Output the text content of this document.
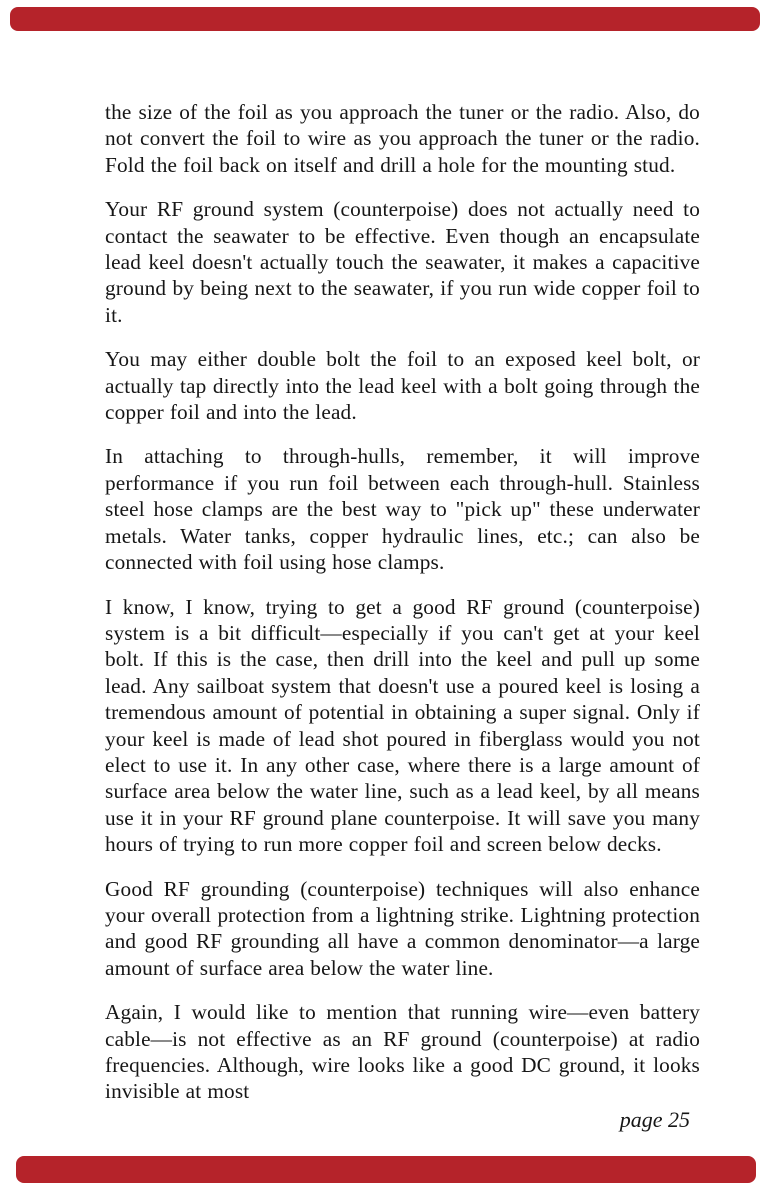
the size of the foil as you approach the tuner or the radio. Also, do not convert the foil to wire as you approach the tuner or the radio. Fold the foil back on itself and drill a hole for the mounting stud.

Your RF ground system (counterpoise) does not actually need to contact the seawater to be effective. Even though an encapsulate lead keel doesn't actually touch the seawater, it makes a capacitive ground by being next to the seawater, if you run wide copper foil to it.

You may either double bolt the foil to an exposed keel bolt, or actually tap directly into the lead keel with a bolt going through the copper foil and into the lead.

In attaching to through-hulls, remember, it will improve performance if you run foil between each through-hull. Stainless steel hose clamps are the best way to "pick up" these underwater metals. Water tanks, copper hydraulic lines, etc.; can also be connected with foil using hose clamps.

I know, I know, trying to get a good RF ground (counterpoise) system is a bit difficult—especially if you can't get at your keel bolt. If this is the case, then drill into the keel and pull up some lead. Any sailboat system that doesn't use a poured keel is losing a tremendous amount of potential in obtaining a super signal. Only if your keel is made of lead shot poured in fiberglass would you not elect to use it. In any other case, where there is a large amount of surface area below the water line, such as a lead keel, by all means use it in your RF ground plane counterpoise. It will save you many hours of trying to run more copper foil and screen below decks.

Good RF grounding (counterpoise) techniques will also enhance your overall protection from a lightning strike. Lightning protection and good RF grounding all have a common denominator—a large amount of surface area below the water line.

Again, I would like to mention that running wire—even battery cable—is not effective as an RF ground (counterpoise) at radio frequencies. Although, wire looks like a good DC ground, it looks invisible at most

page 25
